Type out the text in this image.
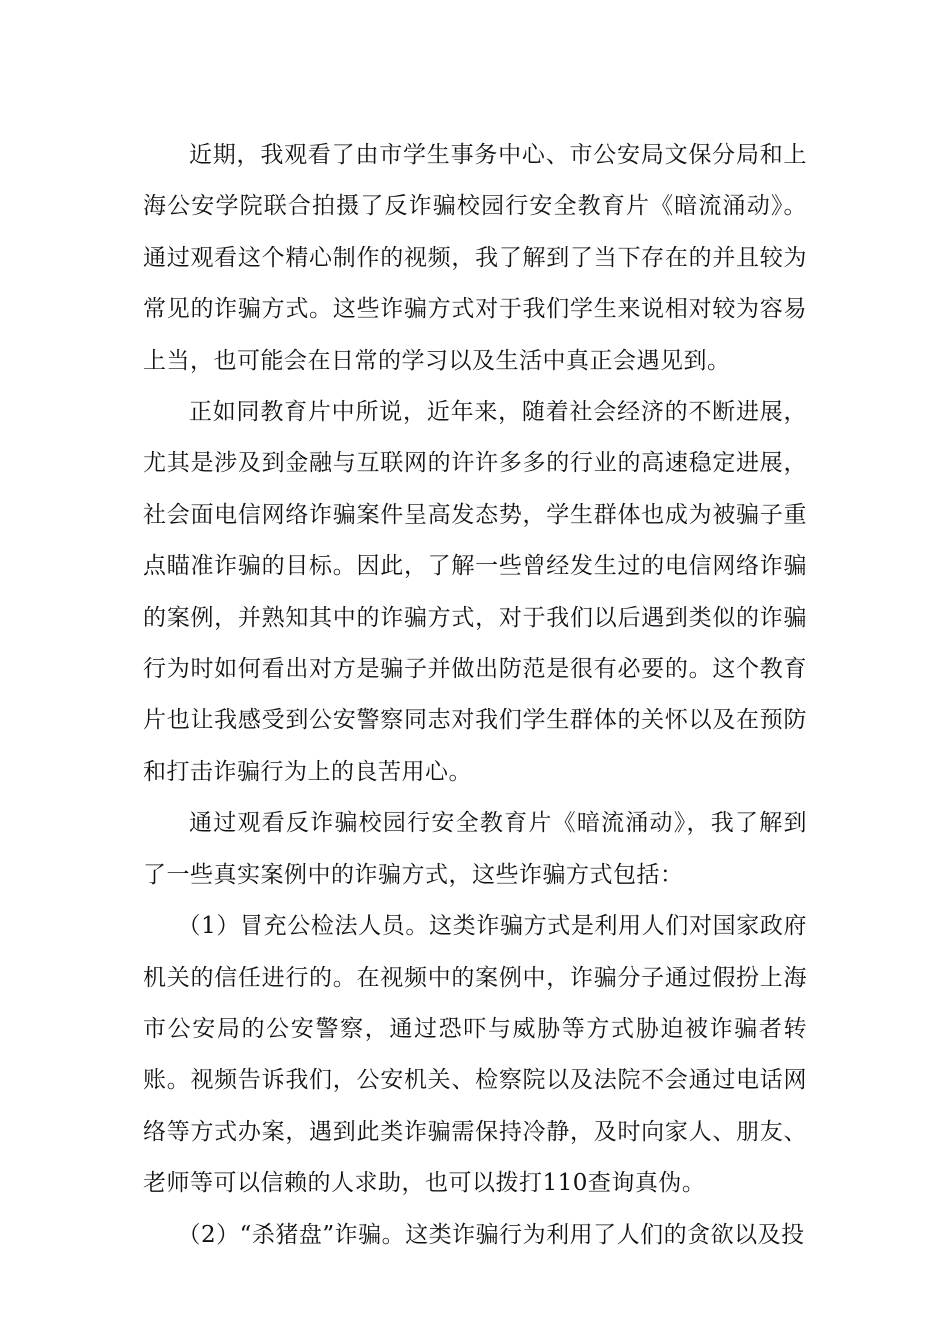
近期，我观看了由市学生事务中心、市公安局文保分局和上海公安学院联合拍摄了反诈骗校园行安全教育片《暗流涌动》。通过观看这个精心制作的视频，我了解到了当下存在的并且较为常见的诈骗方式。这些诈骗方式对于我们学生来说相对较为容易上当，也可能会在日常的学习以及生活中真正会遇见到。

正如同教育片中所说，近年来，随着社会经济的不断进展，尤其是涉及到金融与互联网的许许多多的行业的高速稳定进展，社会面电信网络诈骗案件呈高发态势，学生群体也成为被骗子重点瞄准诈骗的目标。因此，了解一些曾经发生过的电信网络诈骗的案例，并熟知其中的诈骗方式，对于我们以后遇到类似的诈骗行为时如何看出对方是骗子并做出防范是很有必要的。这个教育片也让我感受到公安警察同志对我们学生群体的关怀以及在预防和打击诈骗行为上的良苦用心。

通过观看反诈骗校园行安全教育片《暗流涌动》，我了解到了一些真实案例中的诈骗方式，这些诈骗方式包括：

（1）冒充公检法人员。这类诈骗方式是利用人们对国家政府机关的信任进行的。在视频中的案例中，诈骗分子通过假扮上海市公安局的公安警察，通过恐吓与威胁等方式胁迫被诈骗者转账。视频告诉我们，公安机关、检察院以及法院不会通过电话网络等方式办案，遇到此类诈骗需保持冷静，及时向家人、朋友、老师等可以信赖的人求助，也可以拨打110查询真伪。

（2）“杀猪盘”诈骗。这类诈骗行为利用了人们的贪欲以及投
